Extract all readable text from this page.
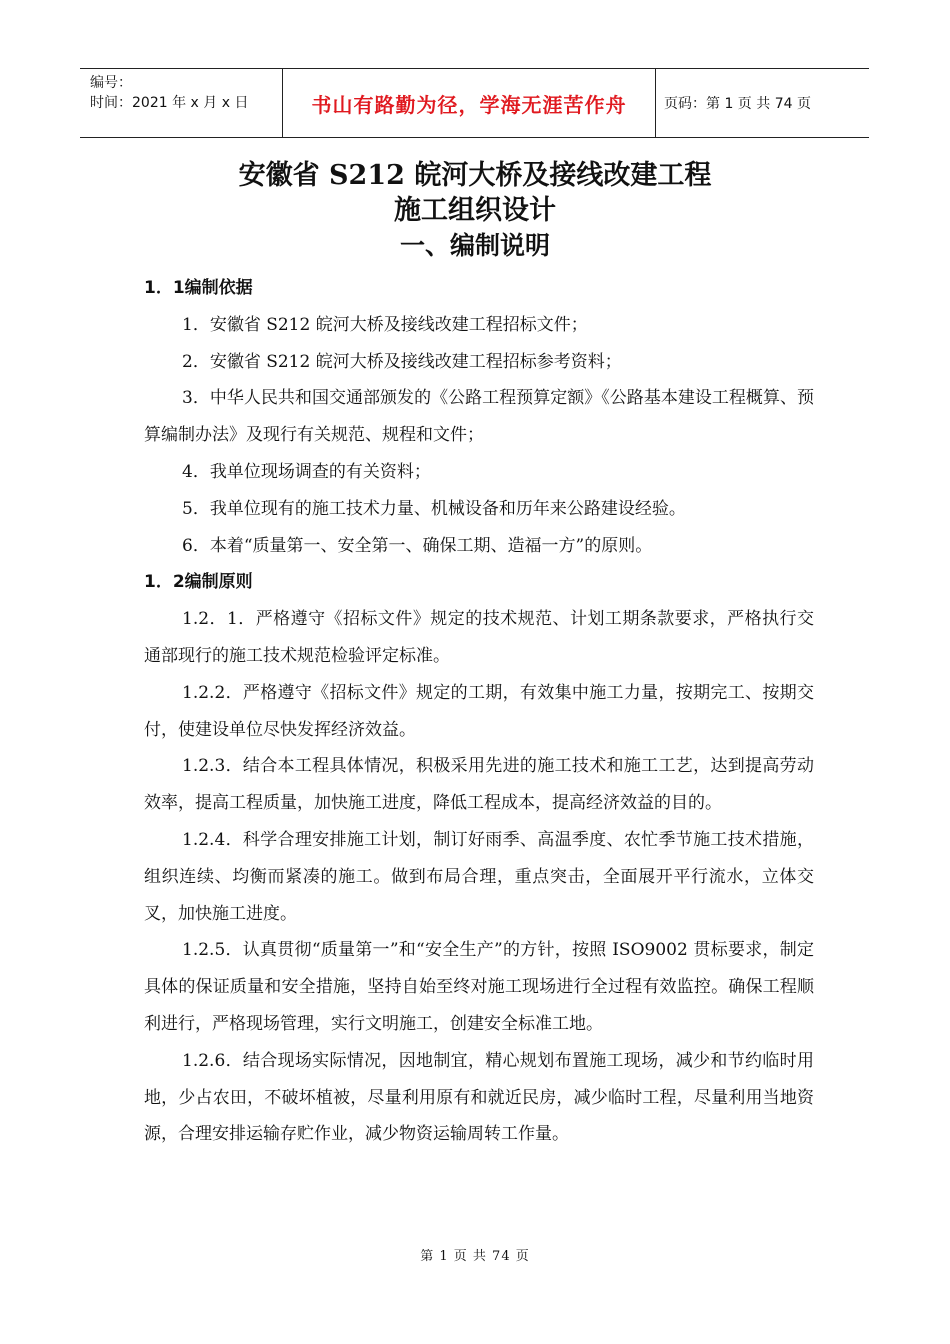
编号：
时间：2021 年 x 月 x 日	书山有路勤为径，学海无涯苦作舟	页码：第 1 页 共 74 页
安徽省 S212 皖河大桥及接线改建工程
施工组织设计
一、编制说明

1．1编制依据

1．安徽省 S212 皖河大桥及接线改建工程招标文件；

2．安徽省 S212 皖河大桥及接线改建工程招标参考资料；

3．中华人民共和国交通部颁发的《公路工程预算定额》《公路基本建设工程概算、预算编制办法》及现行有关规范、规程和文件；

4．我单位现场调查的有关资料；

5．我单位现有的施工技术力量、机械设备和历年来公路建设经验。

6．本着“质量第一、安全第一、确保工期、造福一方”的原则。

1．2编制原则

1.2．1．严格遵守《招标文件》规定的技术规范、计划工期条款要求，严格执行交通部现行的施工技术规范检验评定标准。

1.2.2．严格遵守《招标文件》规定的工期，有效集中施工力量，按期完工、按期交付，使建设单位尽快发挥经济效益。

1.2.3．结合本工程具体情况，积极采用先进的施工技术和施工工艺，达到提高劳动效率，提高工程质量，加快施工进度，降低工程成本，提高经济效益的目的。

1.2.4．科学合理安排施工计划，制订好雨季、高温季度、农忙季节施工技术措施，组织连续、均衡而紧凑的施工。做到布局合理，重点突击，全面展开平行流水，立体交叉，加快施工进度。

1.2.5．认真贯彻“质量第一”和“安全生产”的方针，按照 ISO9002 贯标要求，制定具体的保证质量和安全措施，坚持自始至终对施工现场进行全过程有效监控。确保工程顺利进行，严格现场管理，实行文明施工，创建安全标准工地。

1.2.6．结合现场实际情况，因地制宜，精心规划布置施工现场，减少和节约临时用地，少占农田，不破坏植被，尽量利用原有和就近民房，减少临时工程，尽量利用当地资源，合理安排运输存贮作业，减少物资运输周转工作量。

第 1 页 共 74 页
